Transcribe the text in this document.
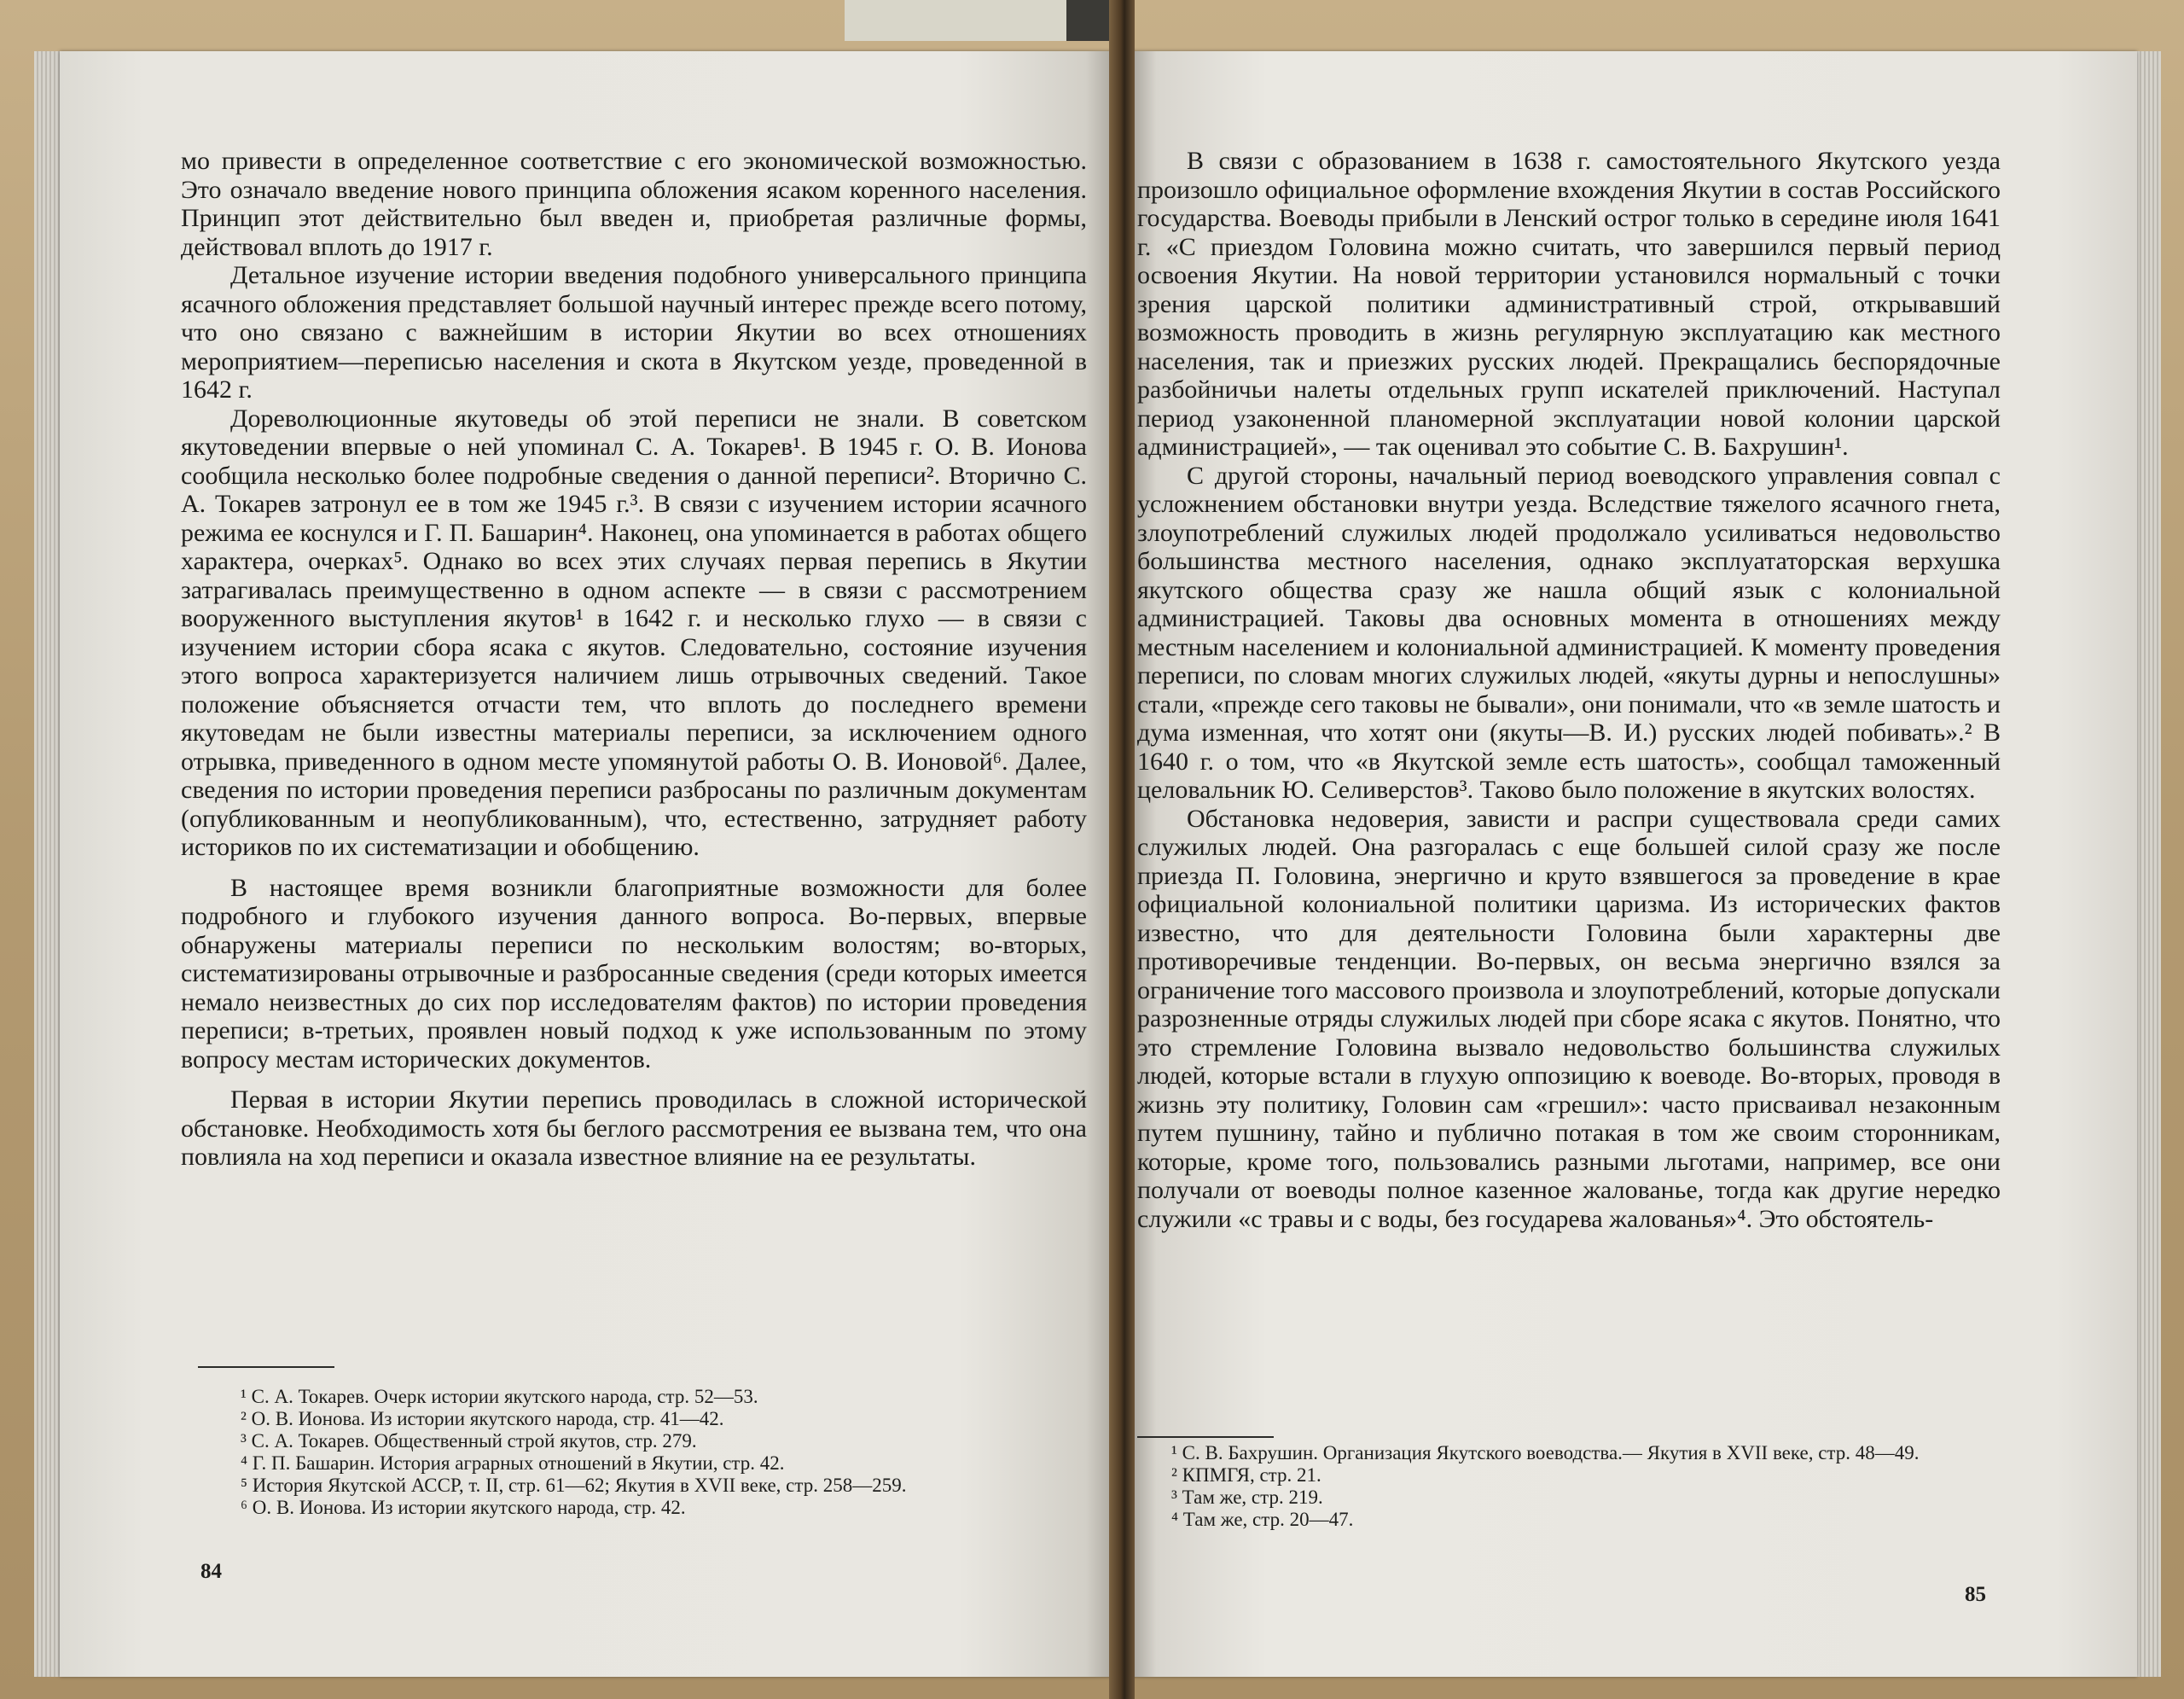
мо привести в определенное соответствие с его экономической возможностью. Это означало введение нового принципа обложения ясаком коренного населения. Принцип этот действительно был введен и, приобретая различные формы, действовал вплоть до 1917 г.

Детальное изучение истории введения подобного универсального принципа ясачного обложения представляет большой научный интерес прежде всего потому, что оно связано с важнейшим в истории Якутии во всех отношениях мероприятием—переписью населения и скота в Якутском уезде, проведенной в 1642 г.

Дореволюционные якутоведы об этой переписи не знали. В советском якутоведении впервые о ней упоминал С. А. Токарев¹. В 1945 г. О. В. Ионова сообщила несколько более подробные сведения о данной переписи². Вторично С. А. Токарев затронул ее в том же 1945 г.³. В связи с изучением истории ясачного режима ее коснулся и Г. П. Башарин⁴. Наконец, она упоминается в работах общего характера, очерках⁵. Однако во всех этих случаях первая перепись в Якутии затрагивалась преимущественно в одном аспекте — в связи с рассмотрением вооруженного выступления якутов¹ в 1642 г. и несколько глухо — в связи с изучением истории сбора ясака с якутов. Следовательно, состояние изучения этого вопроса характеризуется наличием лишь отрывочных сведений. Такое положение объясняется отчасти тем, что вплоть до последнего времени якутоведам не были известны материалы переписи, за исключением одного отрывка, приведенного в одном месте упомянутой работы О. В. Ионовой⁶. Далее, сведения по истории проведения переписи разбросаны по различным документам (опубликованным и неопубликованным), что, естественно, затрудняет работу историков по их систематизации и обобщению.

В настоящее время возникли благоприятные возможности для более подробного и глубокого изучения данного вопроса. Во-первых, впервые обнаружены материалы переписи по нескольким волостям; во-вторых, систематизированы отрывочные и разбросанные сведения (среди которых имеется немало неизвестных до сих пор исследователям фактов) по истории проведения переписи; в-третьих, проявлен новый подход к уже использованным по этому вопросу местам исторических документов.

Первая в истории Якутии перепись проводилась в сложной исторической обстановке. Необходимость хотя бы беглого рассмотрения ее вызвана тем, что она повлияла на ход переписи и оказала известное влияние на ее результаты.

¹ С. А. Токарев. Очерк истории якутского народа, стр. 52—53.

² О. В. Ионова. Из истории якутского народа, стр. 41—42.

³ С. А. Токарев. Общественный строй якутов, стр. 279.

⁴ Г. П. Башарин. История аграрных отношений в Якутии, стр. 42.

⁵ История Якутской АССР, т. II, стр. 61—62; Якутия в XVII веке, стр. 258—259.

⁶ О. В. Ионова. Из истории якутского народа, стр. 42.

84

В связи с образованием в 1638 г. самостоятельного Якутского уезда произошло официальное оформление вхождения Якутии в состав Российского государства. Воеводы прибыли в Ленский острог только в середине июля 1641 г. «С приездом Головина можно считать, что завершился первый период освоения Якутии. На новой территории установился нормальный с точки зрения царской политики административный строй, открывавший возможность проводить в жизнь регулярную эксплуатацию как местного населения, так и приезжих русских людей. Прекращались беспорядочные разбойничьи налеты отдельных групп искателей приключений. Наступал период узаконенной планомерной эксплуатации новой колонии царской администрацией», — так оценивал это событие С. В. Бахрушин¹.

С другой стороны, начальный период воеводского управления совпал с усложнением обстановки внутри уезда. Вследствие тяжелого ясачного гнета, злоупотреблений служилых людей продолжало усиливаться недовольство большинства местного населения, однако эксплуататорская верхушка якутского общества сразу же нашла общий язык с колониальной администрацией. Таковы два основных момента в отношениях между местным населением и колониальной администрацией. К моменту проведения переписи, по словам многих служилых людей, «якуты дурны и непослушны» стали, «прежде сего таковы не бывали», они понимали, что «в земле шатость и дума изменная, что хотят они (якуты—В. И.) русских людей побивать».² В 1640 г. о том, что «в Якутской земле есть шатость», сообщал таможенный целовальник Ю. Селиверстов³. Таково было положение в якутских волостях.

Обстановка недоверия, зависти и распри существовала среди самих служилых людей. Она разгоралась с еще большей силой сразу же после приезда П. Головина, энергично и круто взявшегося за проведение в крае официальной колониальной политики царизма. Из исторических фактов известно, что для деятельности Головина были характерны две противоречивые тенденции. Во-первых, он весьма энергично взялся за ограничение того массового произвола и злоупотреблений, которые допускали разрозненные отряды служилых людей при сборе ясака с якутов. Понятно, что это стремление Головина вызвало недовольство большинства служилых людей, которые встали в глухую оппозицию к воеводе. Во-вторых, проводя в жизнь эту политику, Головин сам «грешил»: часто присваивал незаконным путем пушнину, тайно и публично потакая в том же своим сторонникам, которые, кроме того, пользовались разными льготами, например, все они получали от воеводы полное казенное жалованье, тогда как другие нередко служили «с травы и с воды, без государева жалованья»⁴. Это обстоятель-

¹ С. В. Бахрушин. Организация Якутского воеводства.— Якутия в XVII веке, стр. 48—49.

² КПМГЯ, стр. 21.

³ Там же, стр. 219.

⁴ Там же, стр. 20—47.

85
